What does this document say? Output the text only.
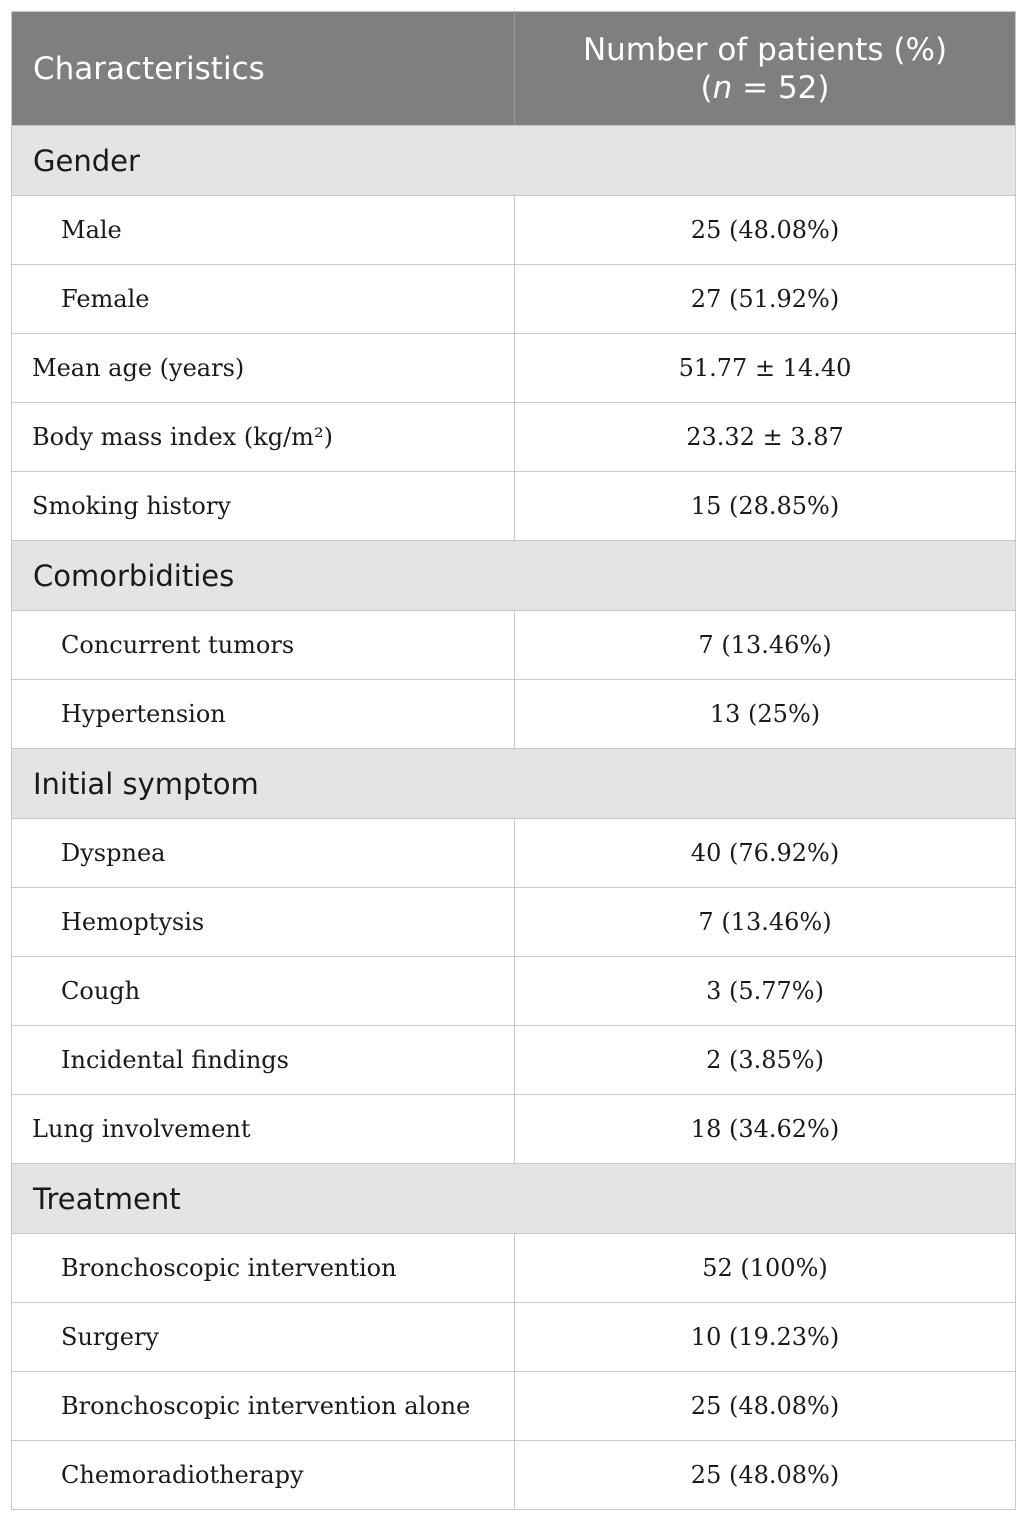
Characteristics	Number of patients (%)
(n = 52)

Gender	
Male	25 (48.08%)
Female	27 (51.92%)
Mean age (years)	51.77 ± 14.40
Body mass index (kg/m²)	23.32 ± 3.87
Smoking history	15 (28.85%)
Comorbidities	
Concurrent tumors	7 (13.46%)
Hypertension	13 (25%)
Initial symptom	
Dyspnea	40 (76.92%)
Hemoptysis	7 (13.46%)
Cough	3 (5.77%)
Incidental findings	2 (3.85%)
Lung involvement	18 (34.62%)
Treatment	
Bronchoscopic intervention	52 (100%)
Surgery	10 (19.23%)
Bronchoscopic intervention alone	25 (48.08%)
Chemoradiotherapy	25 (48.08%)
